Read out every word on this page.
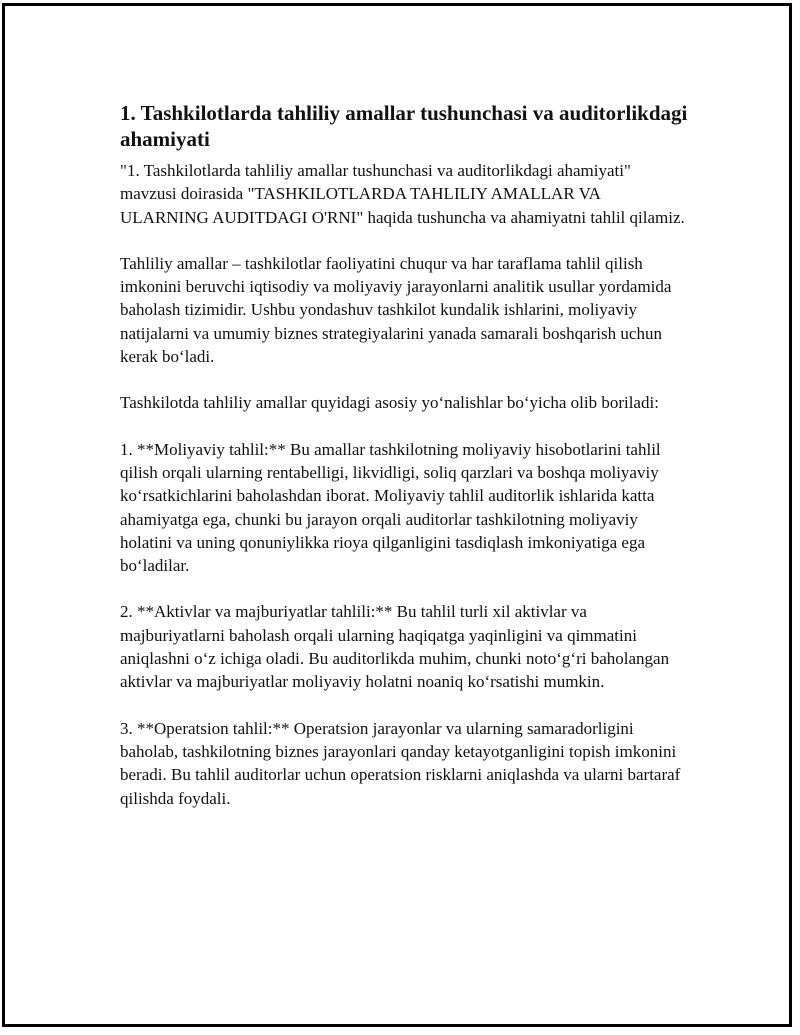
1. Tashkilotlarda tahliliy amallar tushunchasi va auditorlikdagi ahamiyati

"1. Tashkilotlarda tahliliy amallar tushunchasi va auditorlikdagi ahamiyati" mavzusi doirasida "TASHKILOTLARDA TAHLILIY AMALLAR VA ULARNING AUDITDAGI O'RNI" haqida tushuncha va ahamiyatni tahlil qilamiz.

Tahliliy amallar – tashkilotlar faoliyatini chuqur va har taraflama tahlil qilish imkonini beruvchi iqtisodiy va moliyaviy jarayonlarni analitik usullar yordamida baholash tizimidir. Ushbu yondashuv tashkilot kundalik ishlarini, moliyaviy natijalarni va umumiy biznes strategiyalarini yanada samarali boshqarish uchun kerak bo‘ladi.

Tashkilotda tahliliy amallar quyidagi asosiy yo‘nalishlar bo‘yicha olib boriladi:

1. **Moliyaviy tahlil:** Bu amallar tashkilotning moliyaviy hisobotlarini tahlil qilish orqali ularning rentabelligi, likvidligi, soliq qarzlari va boshqa moliyaviy ko‘rsatkichlarini baholashdan iborat. Moliyaviy tahlil auditorlik ishlarida katta ahamiyatga ega, chunki bu jarayon orqali auditorlar tashkilotning moliyaviy holatini va uning qonuniylikka rioya qilganligini tasdiqlash imkoniyatiga ega bo‘ladilar.

2. **Aktivlar va majburiyatlar tahlili:** Bu tahlil turli xil aktivlar va majburiyatlarni baholash orqali ularning haqiqatga yaqinligini va qimmatini aniqlashni o‘z ichiga oladi. Bu auditorlikda muhim, chunki noto‘g‘ri baholangan aktivlar va majburiyatlar moliyaviy holatni noaniq ko‘rsatishi mumkin.

3. **Operatsion tahlil:** Operatsion jarayonlar va ularning samaradorligini baholab, tashkilotning biznes jarayonlari qanday ketayotganligini topish imkonini beradi. Bu tahlil auditorlar uchun operatsion risklarni aniqlashda va ularni bartaraf qilishda foydali.
